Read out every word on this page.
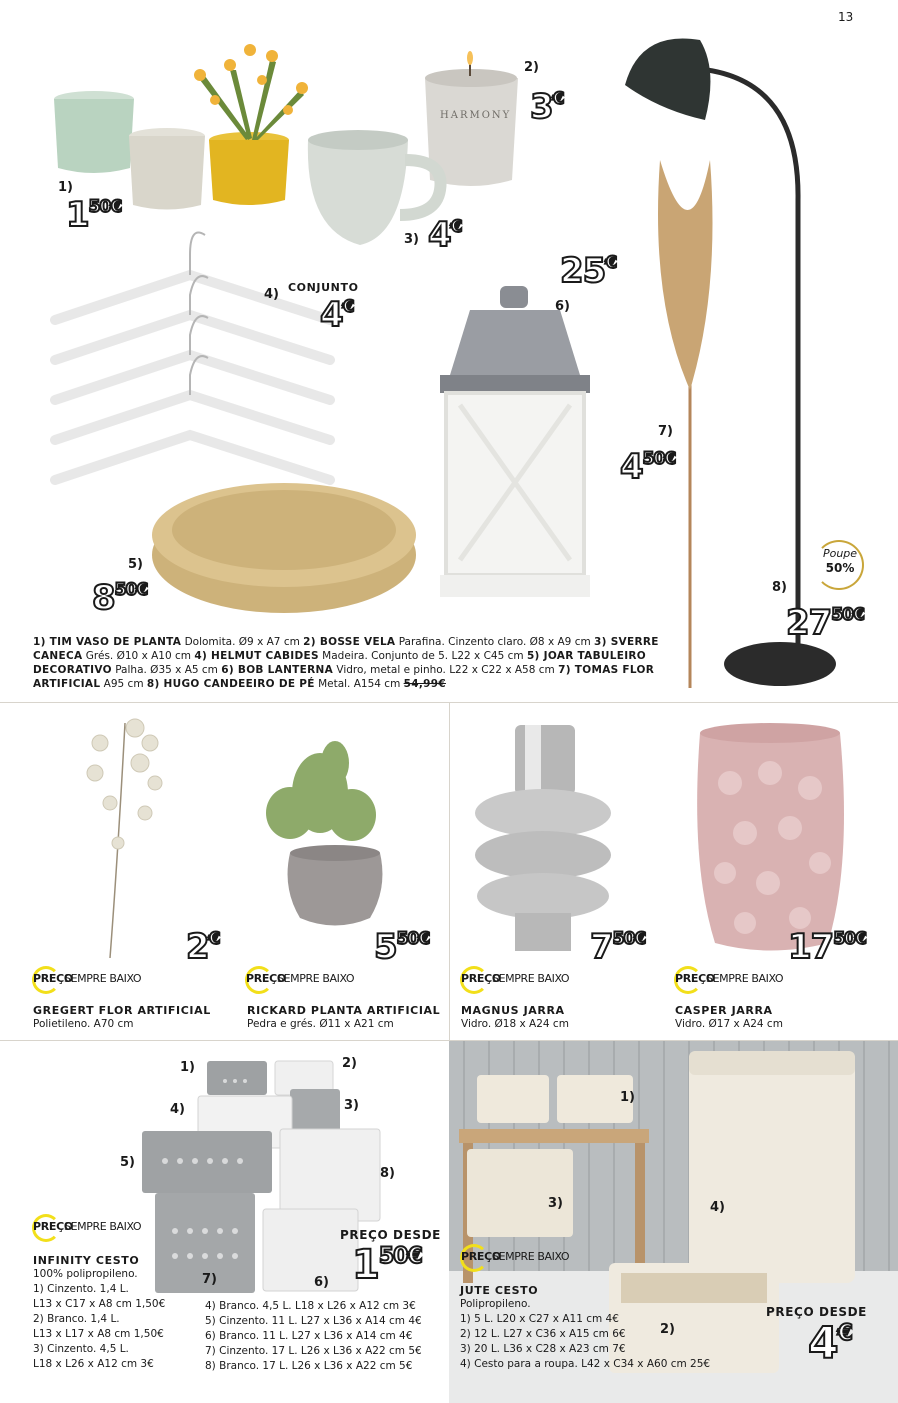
13
HARMONY
1)
2)
3)
4)
5)
6)
7)
8)
CONJUNTO
150€
3€
4€
4€
850€
25€
450€
2750€
Poupe
50%
1) TIM VASO DE PLANTA Dolomita. Ø9 x A7 cm 2) BOSSE VELA Parafina. Cinzento claro. Ø8 x A9 cm 3) SVERRE
CANECA Grés. Ø10 x A10 cm 4) HELMUT CABIDES Madeira. Conjunto de 5. L22 x C45 cm 5) JOAR TABULEIRO
DECORATIVO Palha. Ø35 x A5 cm 6) BOB LANTERNA Vidro, metal e pinho. L22 x C22 x A58 cm 7) TOMAS FLOR
ARTIFICIAL A95 cm 8) HUGO CANDEEIRO DE PÉ Metal. A154 cm 54,99€
2€	550€	750€	1750€
PREÇO
SEMPRE BAIXO	PREÇO
SEMPRE BAIXO	PREÇO
SEMPRE BAIXO	PREÇO
SEMPRE BAIXO
GREGERT FLOR ARTIFICIAL
Polietileno. A70 cm
RICKARD PLANTA ARTIFICIAL
Pedra e grés. Ø11 x A21 cm
MAGNUS JARRA
Vidro. Ø18 x A24 cm
CASPER JARRA
Vidro. Ø17 x A24 cm
1)	2)
3)
4)
5)
6)
7)
8)
PREÇO
SEMPRE BAIXO
PREÇO DESDE
150€
INFINITY CESTO
100% polipropileno.
1) Cinzento. 1,4 L.
L13 x C17 x A8 cm 1,50€
2) Branco. 1,4 L.
L13 x L17 x A8 cm 1,50€
3) Cinzento. 4,5 L.
L18 x L26 x A12 cm 3€
4) Branco. 4,5 L. L18 x L26 x A12 cm 3€
5) Cinzento. 11 L. L27 x L36 x A14 cm 4€
6) Branco. 11 L. L27 x L36 x A14 cm 4€
7) Cinzento. 17 L. L26 x L36 x A22 cm 5€
8) Branco. 17 L. L26 x L36 x A22 cm 5€
1)
2)
3)	4)
PREÇO
SEMPRE BAIXO
JUTE CESTO
Polipropileno.
1) 5 L. L20 x C27 x A11 cm 4€
2) 12 L. L27 x C36 x A15 cm 6€
3) 20 L. L36 x C28 x A23 cm 7€
4) Cesto para a roupa. L42 x C34 x A60 cm 25€
PREÇO DESDE
4€
